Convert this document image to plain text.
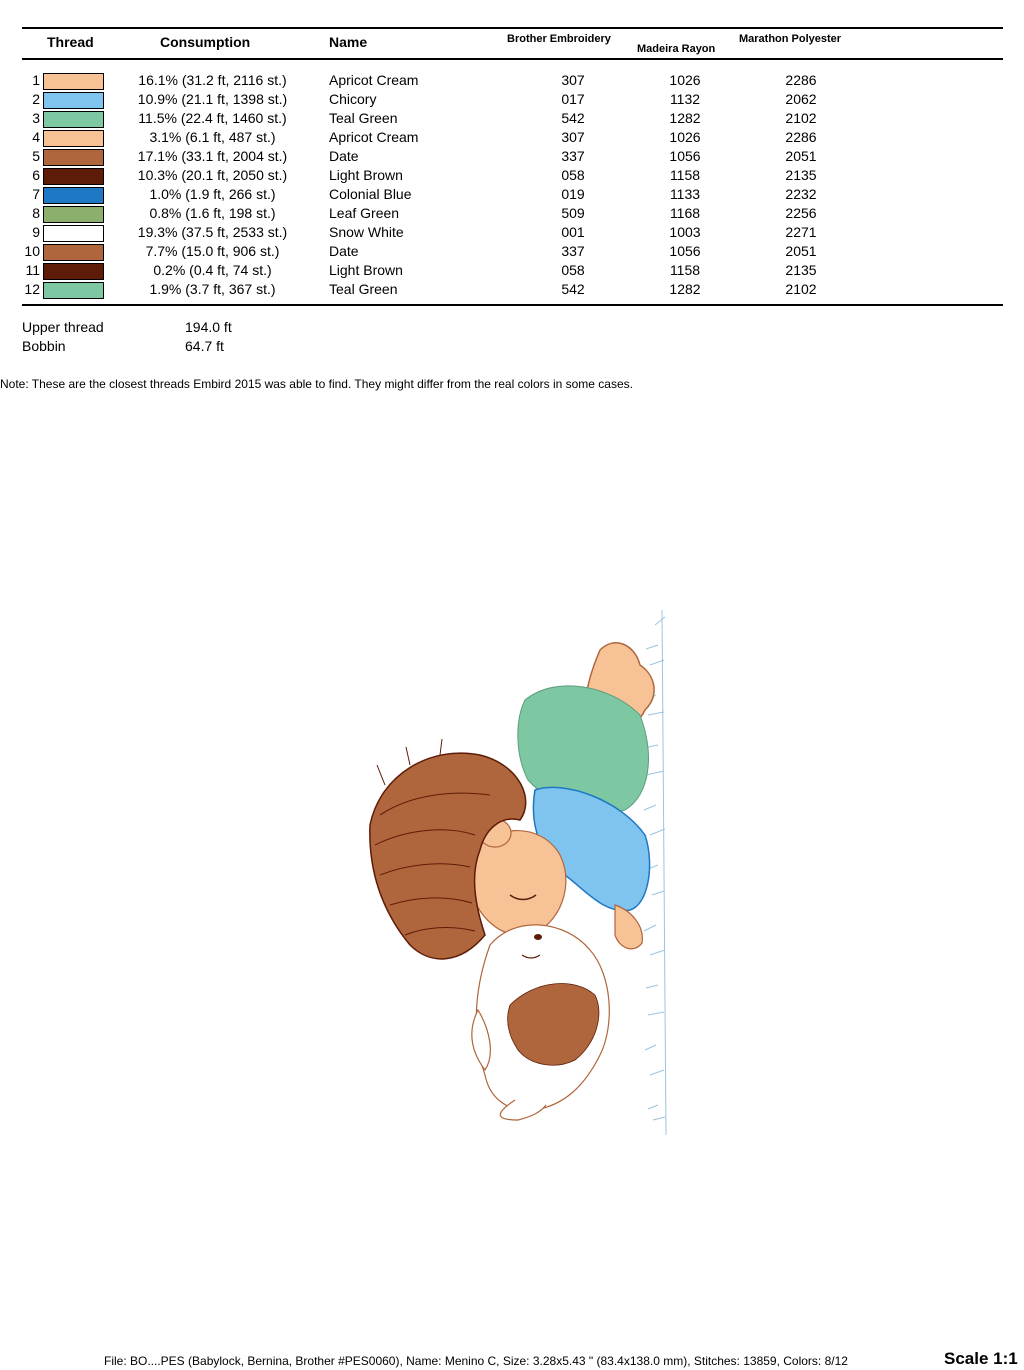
Thread	Consumption	Name	Brother Embroidery
Madeira Rayon
Marathon Polyester
1	16.1% (31.2 ft, 2116 st.)	Apricot Cream	307	1026	2286
2	10.9% (21.1 ft, 1398 st.)	Chicory	017	1132	2062
3	11.5% (22.4 ft, 1460 st.)	Teal Green	542	1282	2102
4	3.1% (6.1 ft, 487 st.)	Apricot Cream	307	1026	2286
5	17.1% (33.1 ft, 2004 st.)	Date	337	1056	2051
6	10.3% (20.1 ft, 2050 st.)	Light Brown	058	1158	2135
7	1.0% (1.9 ft, 266 st.)	Colonial Blue	019	1133	2232
8	0.8% (1.6 ft, 198 st.)	Leaf Green	509	1168	2256
9	19.3% (37.5 ft, 2533 st.)	Snow White	001	1003	2271
10	7.7% (15.0 ft, 906 st.)	Date	337	1056	2051
11	0.2% (0.4 ft, 74 st.)	Light Brown	058	1158	2135
12	1.9% (3.7 ft, 367 st.)	Teal Green	542	1282	2102
Upper thread	194.0 ft
Bobbin	64.7 ft
Note: These are the closest threads Embird 2015 was able to find. They might differ from the real colors in some cases.
File: BO....PES (Babylock, Bernina, Brother #PES0060), Name: Menino C, Size: 3.28x5.43 " (83.4x138.0 mm), Stitches: 13859, Colors: 8/12	Scale 1:1
